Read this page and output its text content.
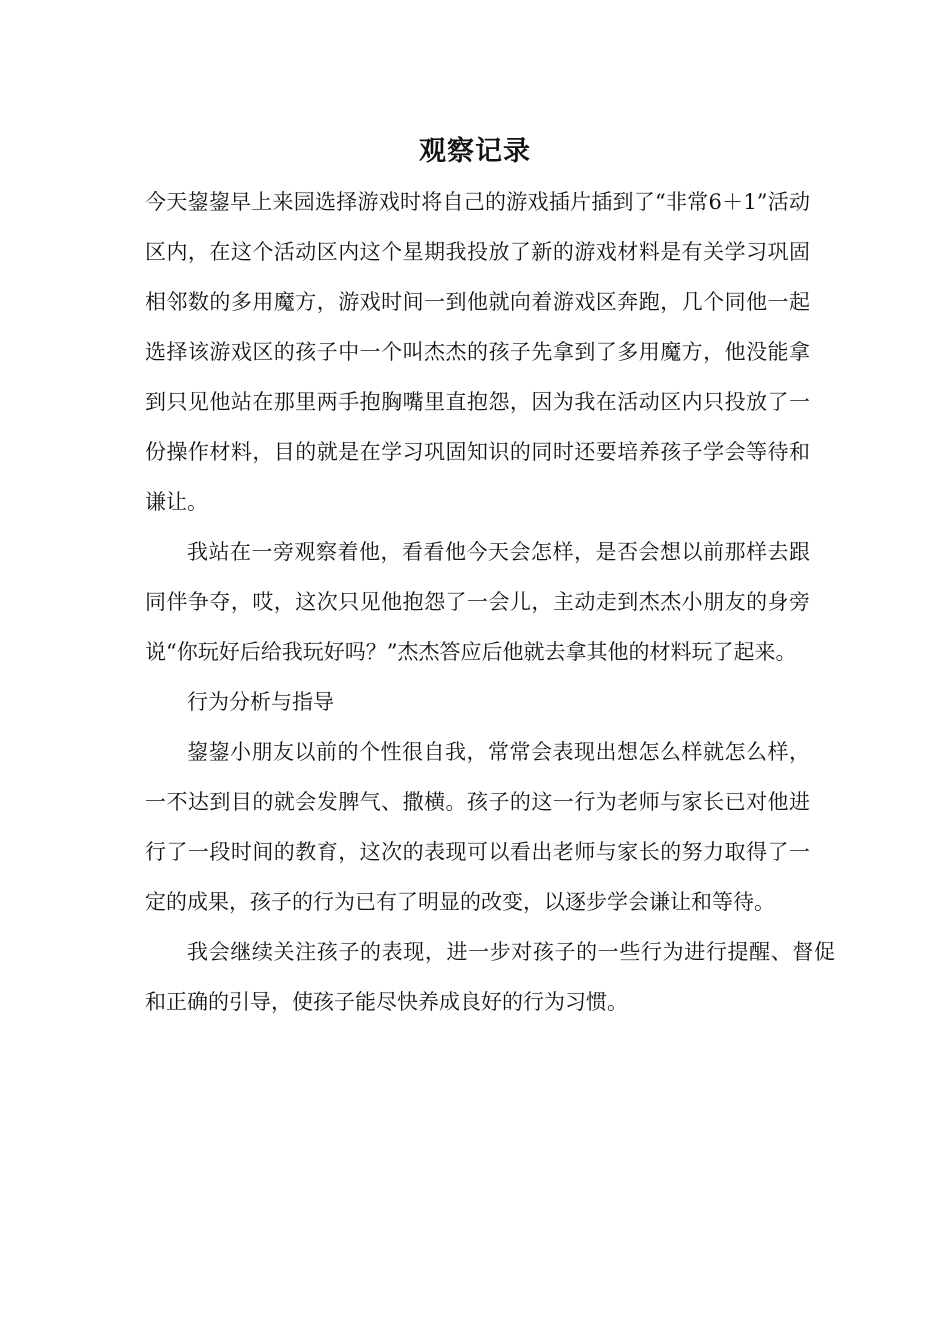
观察记录

今天鋆鋆早上来园选择游戏时将自己的游戏插片插到了“非常6＋1”活动区内，在这个活动区内这个星期我投放了新的游戏材料是有关学习巩固相邻数的多用魔方，游戏时间一到他就向着游戏区奔跑，几个同他一起选择该游戏区的孩子中一个叫杰杰的孩子先拿到了多用魔方，他没能拿到只见他站在那里两手抱胸嘴里直抱怨，因为我在活动区内只投放了一份操作材料，目的就是在学习巩固知识的同时还要培养孩子学会等待和谦让。

我站在一旁观察着他，看看他今天会怎样，是否会想以前那样去跟同伴争夺，哎，这次只见他抱怨了一会儿，主动走到杰杰小朋友的身旁说“你玩好后给我玩好吗？”杰杰答应后他就去拿其他的材料玩了起来。

行为分析与指导

鋆鋆小朋友以前的个性很自我，常常会表现出想怎么样就怎么样，一不达到目的就会发脾气、撒横。孩子的这一行为老师与家长已对他进行了一段时间的教育，这次的表现可以看出老师与家长的努力取得了一定的成果，孩子的行为已有了明显的改变，以逐步学会谦让和等待。

我会继续关注孩子的表现，进一步对孩子的一些行为进行提醒、督促和正确的引导，使孩子能尽快养成良好的行为习惯。
